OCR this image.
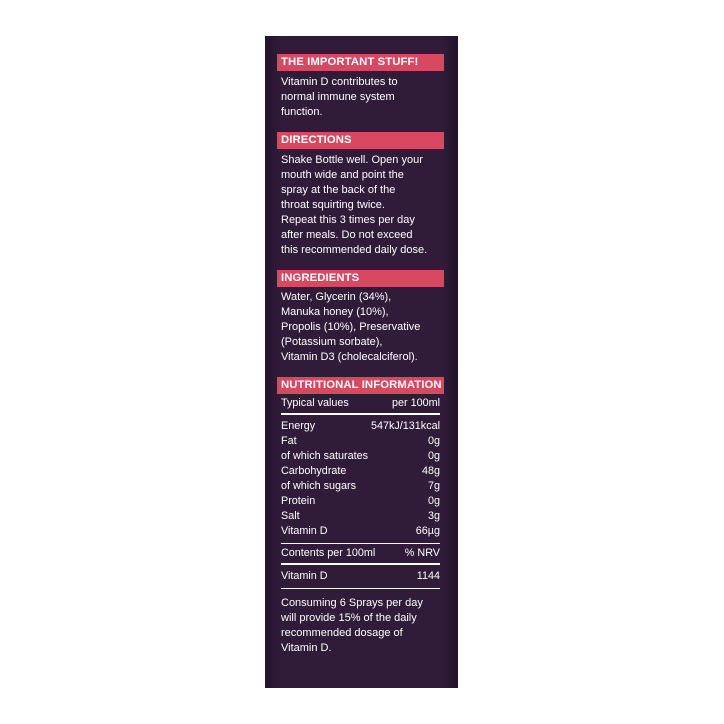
THE IMPORTANT STUFF!
Vitamin D contributes to
normal immune system
function.
DIRECTIONS
Shake Bottle well. Open your
mouth wide and point the
spray at the back of the
throat squirting twice.
Repeat this 3 times per day
after meals. Do not exceed
this recommended daily dose.
INGREDIENTS
Water, Glycerin (34%),
Manuka honey (10%),
Propolis (10%), Preservative
(Potassium sorbate),
Vitamin D3 (cholecalciferol).
NUTRITIONAL INFORMATION
Typical values	per 100ml
Energy	547kJ/131kcal
Fat	0g
of which saturates	0g
Carbohydrate	48g
of which sugars	7g
Protein	0g
Salt	3g
Vitamin D	66µg
Contents per 100ml	% NRV
Vitamin D	1144
Consuming 6 Sprays per day
will provide 15% of the daily
recommended dosage of
Vitamin D.
